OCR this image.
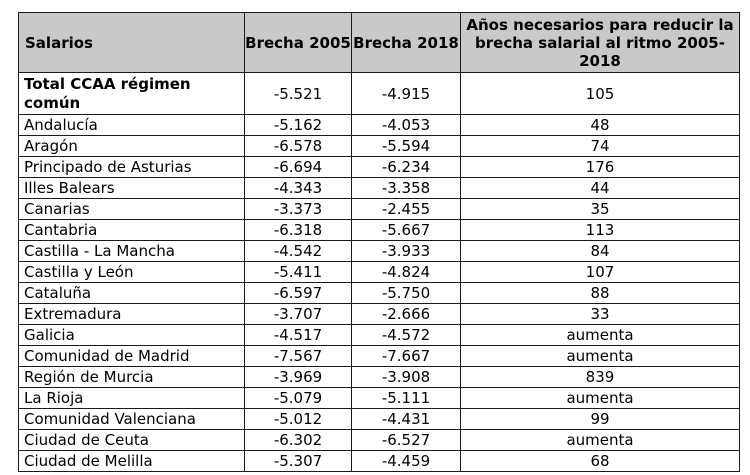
Salarios	Brecha 2005	Brecha 2018	Años necesarios para reducir la brecha salarial al ritmo 2005-2018
Total CCAA régimen común	-5.521	-4.915	105
Andalucía	-5.162	-4.053	48
Aragón	-6.578	-5.594	74
Principado de Asturias	-6.694	-6.234	176
Illes Balears	-4.343	-3.358	44
Canarias	-3.373	-2.455	35
Cantabria	-6.318	-5.667	113
Castilla - La Mancha	-4.542	-3.933	84
Castilla y León	-5.411	-4.824	107
Cataluña	-6.597	-5.750	88
Extremadura	-3.707	-2.666	33
Galicia	-4.517	-4.572	aumenta
Comunidad de Madrid	-7.567	-7.667	aumenta
Región de Murcia	-3.969	-3.908	839
La Rioja	-5.079	-5.111	aumenta
Comunidad Valenciana	-5.012	-4.431	99
Ciudad de Ceuta	-6.302	-6.527	aumenta
Ciudad de Melilla	-5.307	-4.459	68
